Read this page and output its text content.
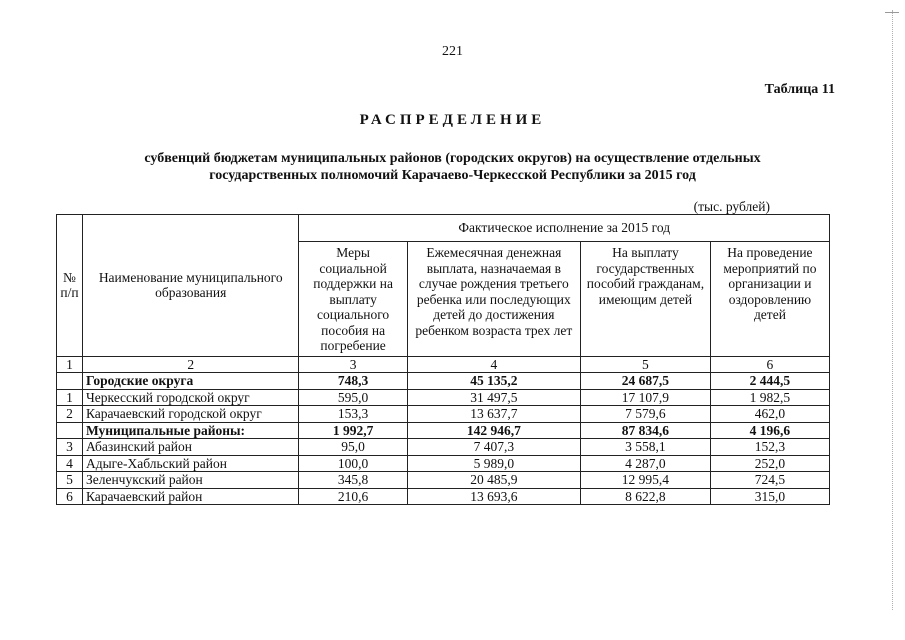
221
Таблица 11
РАСПРЕДЕЛЕНИЕ
субвенций бюджетам муниципальных районов (городских округов) на осуществление отдельных
государственных полномочий Карачаево-Черкесской Республики за 2015 год
(тыс. рублей)
№ п/п	Наименование муниципального образования	Фактическое исполнение за 2015 год			
		Меры социальной поддержки на выплату социального пособия на погребение	Ежемесячная денежная выплата, назначаемая в случае рождения третьего ребенка или последующих детей до достижения ребенком возраста трех лет	На выплату государственных пособий гражданам, имеющим детей	На проведение мероприятий по организации и оздоровлению детей
1	2	3	4	5	6
	Городские округа	748,3	45 135,2	24 687,5	2 444,5
1	Черкесский городской округ	595,0	31 497,5	17 107,9	1 982,5
2	Карачаевский городской округ	153,3	13 637,7	7 579,6	462,0
	Муниципальные районы:	1 992,7	142 946,7	87 834,6	4 196,6
3	Абазинский район	95,0	7 407,3	3 558,1	152,3
4	Адыге-Хабльский район	100,0	5 989,0	4 287,0	252,0
5	Зеленчукский район	345,8	20 485,9	12 995,4	724,5
6	Карачаевский район	210,6	13 693,6	8 622,8	315,0
